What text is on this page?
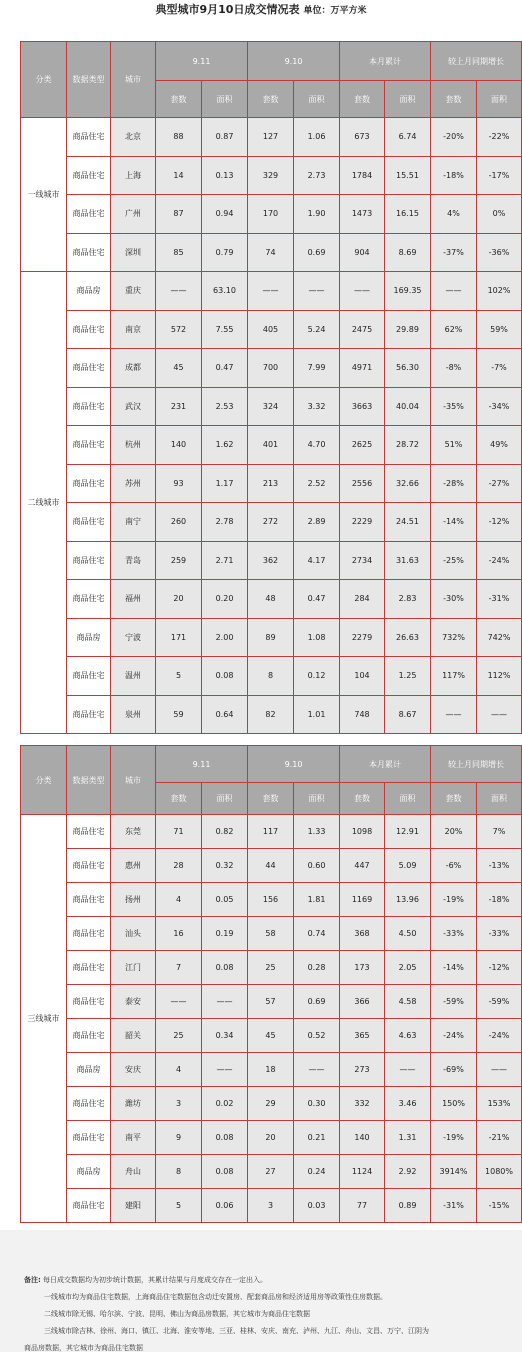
典型城市9月10日成交情况表 单位：万平方米
分类	数据类型	城市	9.11		9.10		本月累计		较上月同期增长	
			套数	面积	套数	面积	套数	面积	套数	面积
一线城市	商品住宅	北京	88	0.87	127	1.06	673	6.74	-20%	-22%
	商品住宅	上海	14	0.13	329	2.73	1784	15.51	-18%	-17%
	商品住宅	广州	87	0.94	170	1.90	1473	16.15	4%	0%
	商品住宅	深圳	85	0.79	74	0.69	904	8.69	-37%	-36%
二线城市	商品房	重庆	——	63.10	——	——	——	169.35	——	102%
	商品住宅	南京	572	7.55	405	5.24	2475	29.89	62%	59%
	商品住宅	成都	45	0.47	700	7.99	4971	56.30	-8%	-7%
	商品住宅	武汉	231	2.53	324	3.32	3663	40.04	-35%	-34%
	商品住宅	杭州	140	1.62	401	4.70	2625	28.72	51%	49%
	商品住宅	苏州	93	1.17	213	2.52	2556	32.66	-28%	-27%
	商品住宅	南宁	260	2.78	272	2.89	2229	24.51	-14%	-12%
	商品住宅	青岛	259	2.71	362	4.17	2734	31.63	-25%	-24%
	商品住宅	福州	20	0.20	48	0.47	284	2.83	-30%	-31%
	商品房	宁波	171	2.00	89	1.08	2279	26.63	732%	742%
	商品住宅	温州	5	0.08	8	0.12	104	1.25	117%	112%
	商品住宅	泉州	59	0.64	82	1.01	748	8.67	——	——
分类	数据类型	城市	9.11		9.10		本月累计		较上月同期增长	
			套数	面积	套数	面积	套数	面积	套数	面积
三线城市	商品住宅	东莞	71	0.82	117	1.33	1098	12.91	20%	7%
	商品住宅	惠州	28	0.32	44	0.60	447	5.09	-6%	-13%
	商品住宅	扬州	4	0.05	156	1.81	1169	13.96	-19%	-18%
	商品住宅	汕头	16	0.19	58	0.74	368	4.50	-33%	-33%
	商品住宅	江门	7	0.08	25	0.28	173	2.05	-14%	-12%
	商品住宅	泰安	——	——	57	0.69	366	4.58	-59%	-59%
	商品住宅	韶关	25	0.34	45	0.52	365	4.63	-24%	-24%
	商品房	安庆	4	——	18	——	273	——	-69%	——
	商品住宅	潍坊	3	0.02	29	0.30	332	3.46	150%	153%
	商品住宅	南平	9	0.08	20	0.21	140	1.31	-19%	-21%
	商品房	舟山	8	0.08	27	0.24	1124	2.92	3914%	1080%
	商品住宅	建阳	5	0.06	3	0.03	77	0.89	-31%	-15%
备注: 每日成交数据均为初步统计数据，其累计结果与月度成交存在一定出入。
一线城市均为商品住宅数据，上海商品住宅数据包含动迁安置房、配套商品房和经济适用房等政策性住房数据。
二线城市除无锡、哈尔滨、宁波、昆明、佛山为商品房数据，其它城市为商品住宅数据
三线城市除吉林、徐州、海口、镇江、北海、淮安等地、三亚、桂林、安庆、南充、泸州、九江、舟山、文昌、万宁、江阴为
商品房数据，其它城市为商品住宅数据
